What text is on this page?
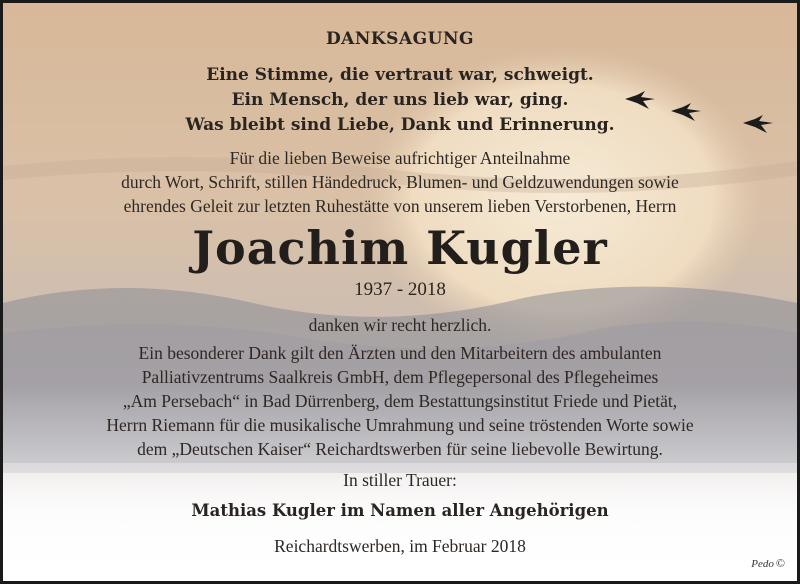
DANKSAGUNG
Eine Stimme, die vertraut war, schweigt.
Ein Mensch, der uns lieb war, ging.
Was bleibt sind Liebe, Dank und Erinnerung.
Für die lieben Beweise aufrichtiger Anteilnahme
durch Wort, Schrift, stillen Händedruck, Blumen- und Geldzuwendungen sowie
ehrendes Geleit zur letzten Ruhestätte von unserem lieben Verstorbenen, Herrn
Joachim Kugler
1937 - 2018
danken wir recht herzlich.
Ein besonderer Dank gilt den Ärzten und den Mitarbeitern des ambulanten
Palliativzentrums Saalkreis GmbH, dem Pflegepersonal des Pflegeheimes
„Am Persebach“ in Bad Dürrenberg, dem Bestattungsinstitut Friede und Pietät,
Herrn Riemann für die musikalische Umrahmung und seine tröstenden Worte sowie
dem „Deutschen Kaiser“ Reichardtswerben für seine liebevolle Bewirtung.
In stiller Trauer:
Mathias Kugler im Namen aller Angehörigen
Reichardtswerben, im Februar 2018
Pedo ©
